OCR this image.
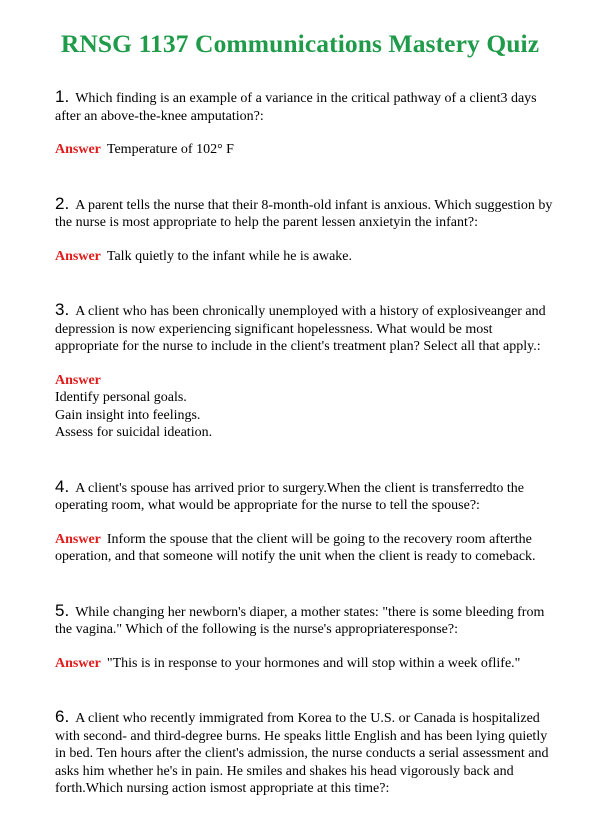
RNSG 1137 Communications Mastery Quiz

1. Which finding is an example of a variance in the critical pathway of a client3 days after an above-the-knee amputation?:

Answer Temperature of 102° F

2. A parent tells the nurse that their 8-month-old infant is anxious. Which suggestion by the nurse is most appropriate to help the parent lessen anxietyin the infant?:

Answer Talk quietly to the infant while he is awake.

3. A client who has been chronically unemployed with a history of explosiveanger and depression is now experiencing significant hopelessness. What would be most appropriate for the nurse to include in the client's treatment plan? Select all that apply.:

Answer
Identify personal goals.
Gain insight into feelings.
Assess for suicidal ideation.

4. A client's spouse has arrived prior to surgery.When the client is transferredto the operating room, what would be appropriate for the nurse to tell the spouse?:

Answer Inform the spouse that the client will be going to the recovery room afterthe operation, and that someone will notify the unit when the client is ready to comeback.

5. While changing her newborn's diaper, a mother states: "there is some bleeding from the vagina." Which of the following is the nurse's appropriateresponse?:

Answer "This is in response to your hormones and will stop within a week oflife."

6. A client who recently immigrated from Korea to the U.S. or Canada is hospitalized with second- and third-degree burns. He speaks little English and has been lying quietly in bed. Ten hours after the client's admission, the nurse conducts a serial assessment and asks him whether he's in pain. He smiles and shakes his head vigorously back and forth.Which nursing action ismost appropriate at this time?:
